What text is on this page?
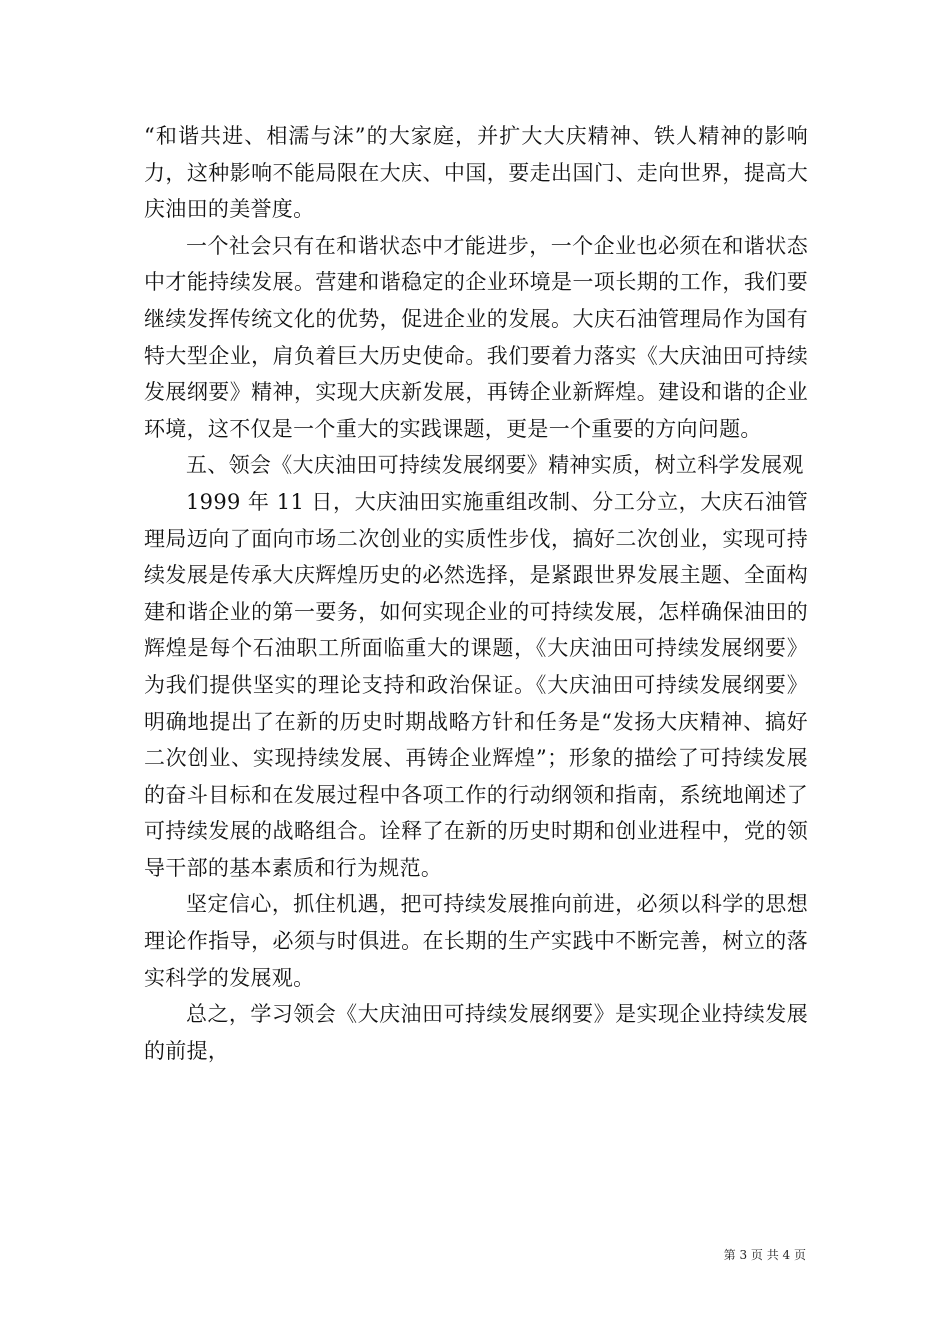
“和谐共进、相濡与沫”的大家庭，并扩大大庆精神、铁人精神的影响力，这种影响不能局限在大庆、中国，要走出国门、走向世界，提高大庆油田的美誉度。

一个社会只有在和谐状态中才能进步，一个企业也必须在和谐状态中才能持续发展。营建和谐稳定的企业环境是一项长期的工作，我们要继续发挥传统文化的优势，促进企业的发展。大庆石油管理局作为国有特大型企业，肩负着巨大历史使命。我们要着力落实《大庆油田可持续发展纲要》精神，实现大庆新发展，再铸企业新辉煌。建设和谐的企业环境，这不仅是一个重大的实践课题，更是一个重要的方向问题。

五、领会《大庆油田可持续发展纲要》精神实质，树立科学发展观

1999 年 11 日，大庆油田实施重组改制、分工分立，大庆石油管理局迈向了面向市场二次创业的实质性步伐，搞好二次创业，实现可持续发展是传承大庆辉煌历史的必然选择，是紧跟世界发展主题、全面构建和谐企业的第一要务，如何实现企业的可持续发展，怎样确保油田的辉煌是每个石油职工所面临重大的课题，《大庆油田可持续发展纲要》为我们提供坚实的理论支持和政治保证。《大庆油田可持续发展纲要》明确地提出了在新的历史时期战略方针和任务是“发扬大庆精神、搞好二次创业、实现持续发展、再铸企业辉煌”；形象的描绘了可持续发展的奋斗目标和在发展过程中各项工作的行动纲领和指南，系统地阐述了可持续发展的战略组合。诠释了在新的历史时期和创业进程中，党的领导干部的基本素质和行为规范。

坚定信心，抓住机遇，把可持续发展推向前进，必须以科学的思想理论作指导，必须与时俱进。在长期的生产实践中不断完善，树立的落实科学的发展观。

总之，学习领会《大庆油田可持续发展纲要》是实现企业持续发展的前提，

第 3 页 共 4 页
